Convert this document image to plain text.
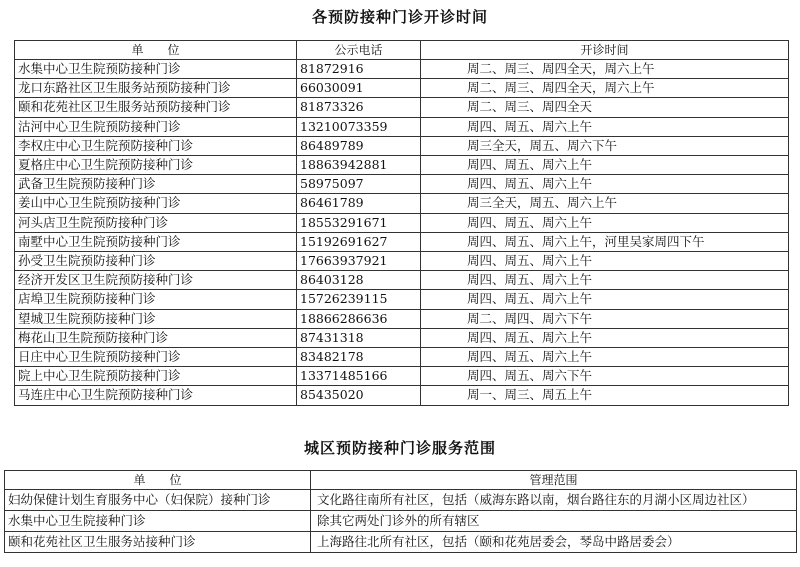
各预防接种门诊开诊时间
单　　位	公示电话	开诊时间
水集中心卫生院预防接种门诊	81872916	周二、周三、周四全天，周六上午
龙口东路社区卫生服务站预防接种门诊	66030091	周二、周三、周四全天，周六上午
颐和花苑社区卫生服务站预防接种门诊	81873326	周二、周三、周四全天
沽河中心卫生院预防接种门诊	13210073359	周四、周五、周六上午
李权庄中心卫生院预防接种门诊	86489789	周三全天，周五、周六下午
夏格庄中心卫生院预防接种门诊	18863942881	周四、周五、周六上午
武备卫生院预防接种门诊	58975097	周四、周五、周六上午
姜山中心卫生院预防接种门诊	86461789	周三全天，周五、周六上午
河头店卫生院预防接种门诊	18553291671	周四、周五、周六上午
南墅中心卫生院预防接种门诊	15192691627	周四、周五、周六上午，河里吴家周四下午
孙受卫生院预防接种门诊	17663937921	周四、周五、周六上午
经济开发区卫生院预防接种门诊	86403128	周四、周五、周六上午
店埠卫生院预防接种门诊	15726239115	周四、周五、周六上午
望城卫生院预防接种门诊	18866286636	周二、周四、周六下午
梅花山卫生院预防接种门诊	87431318	周四、周五、周六上午
日庄中心卫生院预防接种门诊	83482178	周四、周五、周六上午
院上中心卫生院预防接种门诊	13371485166	周四、周五、周六下午
马连庄中心卫生院预防接种门诊	85435020	周一、周三、周五上午
城区预防接种门诊服务范围
单　　位	管理范围
妇幼保健计划生育服务中心（妇保院）接种门诊	文化路往南所有社区，包括（威海东路以南，烟台路往东的月湖小区周边社区）
水集中心卫生院接种门诊	除其它两处门诊外的所有辖区
颐和花苑社区卫生服务站接种门诊	上海路往北所有社区，包括（颐和花苑居委会，琴岛中路居委会）
